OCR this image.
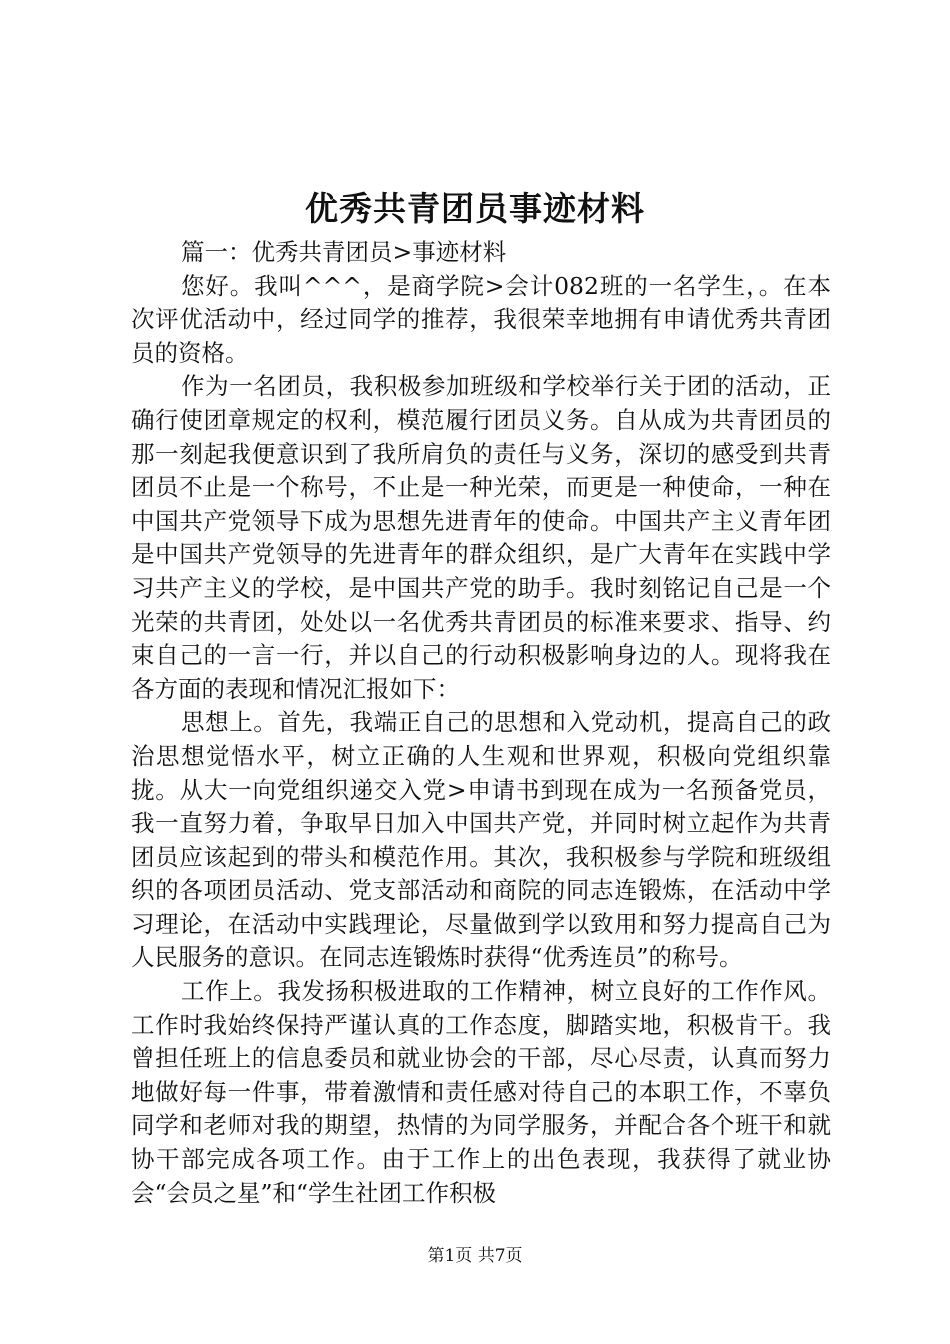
优秀共青团员事迹材料

篇一：优秀共青团员>事迹材料

您好。我叫^^^，是商学院>会计082班的一名学生，。在本次评优活动中，经过同学的推荐，我很荣幸地拥有申请优秀共青团员的资格。

作为一名团员，我积极参加班级和学校举行关于团的活动，正确行使团章规定的权利，模范履行团员义务。自从成为共青团员的那一刻起我便意识到了我所肩负的责任与义务，深切的感受到共青团员不止是一个称号，不止是一种光荣，而更是一种使命，一种在中国共产党领导下成为思想先进青年的使命。中国共产主义青年团是中国共产党领导的先进青年的群众组织，是广大青年在实践中学习共产主义的学校，是中国共产党的助手。我时刻铭记自己是一个光荣的共青团，处处以一名优秀共青团员的标准来要求、指导、约束自己的一言一行，并以自己的行动积极影响身边的人。现将我在各方面的表现和情况汇报如下：

思想上。首先，我端正自己的思想和入党动机，提高自己的政治思想觉悟水平，树立正确的人生观和世界观，积极向党组织靠拢。从大一向党组织递交入党>申请书到现在成为一名预备党员，我一直努力着，争取早日加入中国共产党，并同时树立起作为共青团员应该起到的带头和模范作用。其次，我积极参与学院和班级组织的各项团员活动、党支部活动和商院的同志连锻炼，在活动中学习理论，在活动中实践理论，尽量做到学以致用和努力提高自己为人民服务的意识。在同志连锻炼时获得“优秀连员”的称号。

工作上。我发扬积极进取的工作精神，树立良好的工作作风。工作时我始终保持严谨认真的工作态度，脚踏实地，积极肯干。我曾担任班上的信息委员和就业协会的干部，尽心尽责，认真而努力地做好每一件事，带着激情和责任感对待自己的本职工作，不辜负同学和老师对我的期望，热情的为同学服务，并配合各个班干和就协干部完成各项工作。由于工作上的出色表现，我获得了就业协会“会员之星”和“学生社团工作积极

第1页 共7页
